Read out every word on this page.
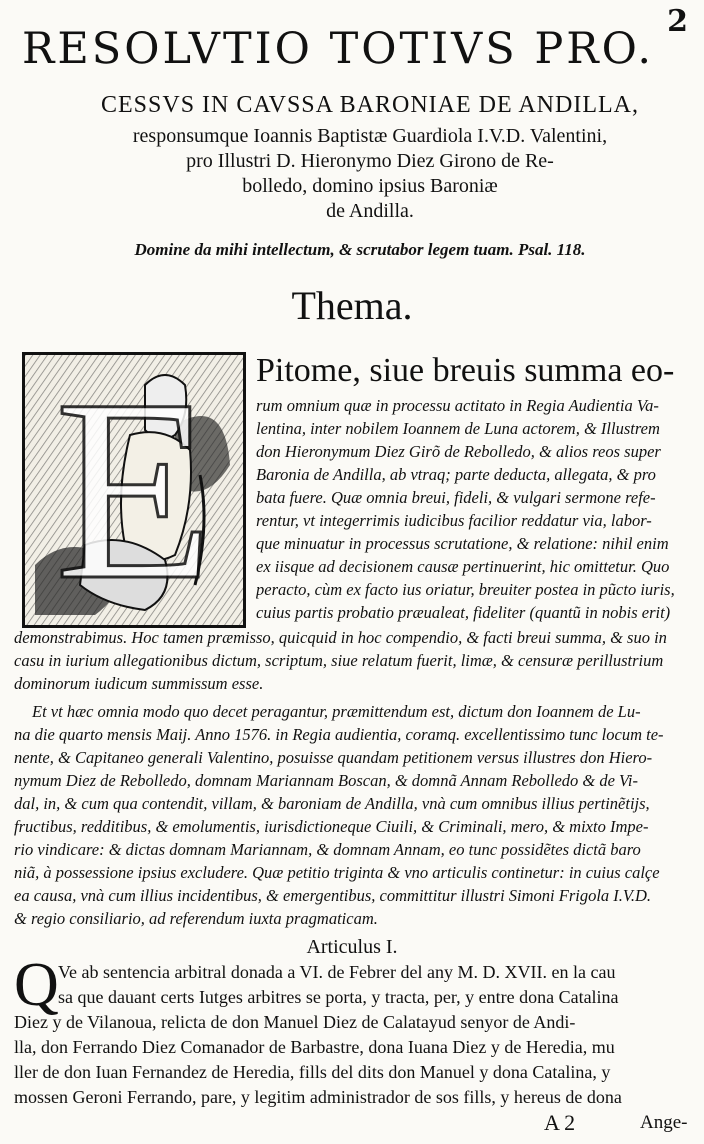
2
RESOLVTIO TOTIVS PRO.
CESSVS IN CAVSSA BARONIAE DE ANDILLA,
responsumque Ioannis Baptistæ Guardiola I.V.D. Valentini,
pro Illustri D. Hieronymo Diez Girono de Re-
bolledo, domino ipsius Baroniæ
de Andilla.
Domine da mihi intellectum, & scrutabor legem tuam. Psal. 118.
Thema.
E	Pitome, siue breuis summa eo-
rum omnium quæ in processu actitato in Regia Audientia Va-
lentina, inter nobilem Ioannem de Luna actorem, & Illustrem
don Hieronymum Diez Girõ de Rebolledo, & alios reos super
Baronia de Andilla, ab vtraq; parte deducta, allegata, & pro
bata fuere. Quæ omnia breui, fideli, & vulgari sermone refe-
rentur, vt integerrimis iudicibus facilior reddatur via, labor-
que minuatur in processus scrutatione, & relatione: nihil enim
ex iisque ad decisionem causæ pertinuerint, hic omittetur. Quo
peracto, cùm ex facto ius oriatur, breuiter postea in pũcto iuris,
cuius partis probatio præualeat, fideliter (quantũ in nobis erit)
demonstrabimus. Hoc tamen præmisso, quicquid in hoc compendio, & facti breui summa, & suo in
casu in iurium allegationibus dictum, scriptum, siue relatum fuerit, limæ, & censuræ perillustrium
dominorum iudicum summissum esse.
Et vt hæc omnia modo quo decet peragantur, præmittendum est, dictum don Ioannem de Lu-
na die quarto mensis Maij. Anno 1576. in Regia audientia, coramq. excellentissimo tunc locum te-
nente, & Capitaneo generali Valentino, posuisse quandam petitionem versus illustres don Hiero-
nymum Diez de Rebolledo, domnam Mariannam Boscan, & domnã Annam Rebolledo & de Vi-
dal, in, & cum qua contendit, villam, & baroniam de Andilla, vnà cum omnibus illius pertinẽtijs,
fructibus, redditibus, & emolumentis, iurisdictioneque Ciuili, & Criminali, mero, & mixto Impe-
rio vindicare: & dictas domnam Mariannam, & domnam Annam, eo tunc possidẽtes dictã baro
niã, à possessione ipsius excludere. Quæ petitio triginta & vno articulis continetur: in cuius calçe
ea causa, vnà cum illius incidentibus, & emergentibus, committitur illustri Simoni Frigola I.V.D.
& regio consiliario, ad referendum iuxta pragmaticam.
Articulus I.
Q Ve ab sentencia arbitral donada a VI. de Febrer del any M. D. XVII. en la cau
sa que dauant certs Iutges arbitres se porta, y tracta, per, y entre dona Catalina
Diez y de Vilanoua, relicta de don Manuel Diez de Calatayud senyor de Andi-
lla, don Ferrando Diez Comanador de Barbastre, dona Iuana Diez y de Heredia, mu
ller de don Iuan Fernandez de Heredia, fills del dits don Manuel y dona Catalina, y
mossen Geroni Ferrando, pare, y legitim administrador de sos fills, y hereus de dona
A 2	Ange-
